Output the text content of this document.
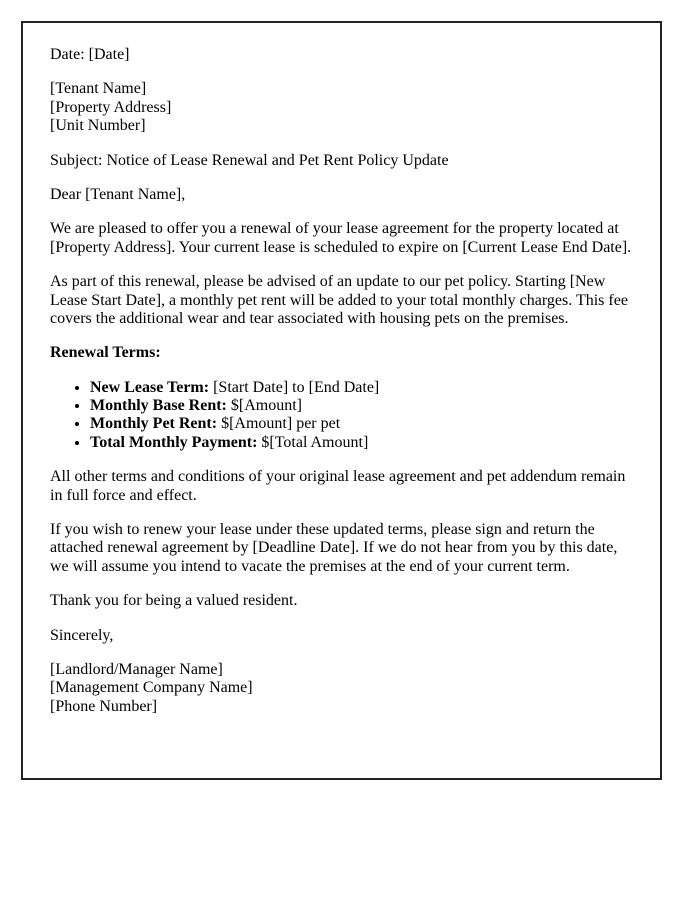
Date: [Date]

[Tenant Name]
[Property Address]
[Unit Number]

Subject: Notice of Lease Renewal and Pet Rent Policy Update

Dear [Tenant Name],

We are pleased to offer you a renewal of your lease agreement for the property located at [Property Address]. Your current lease is scheduled to expire on [Current Lease End Date].

As part of this renewal, please be advised of an update to our pet policy. Starting [New Lease Start Date], a monthly pet rent will be added to your total monthly charges. This fee covers the additional wear and tear associated with housing pets on the premises.

Renewal Terms:

• New Lease Term: [Start Date] to [End Date]
• Monthly Base Rent: $[Amount]
• Monthly Pet Rent: $[Amount] per pet
• Total Monthly Payment: $[Total Amount]

All other terms and conditions of your original lease agreement and pet addendum remain in full force and effect.

If you wish to renew your lease under these updated terms, please sign and return the attached renewal agreement by [Deadline Date]. If we do not hear from you by this date, we will assume you intend to vacate the premises at the end of your current term.

Thank you for being a valued resident.

Sincerely,

[Landlord/Manager Name]
[Management Company Name]
[Phone Number]
